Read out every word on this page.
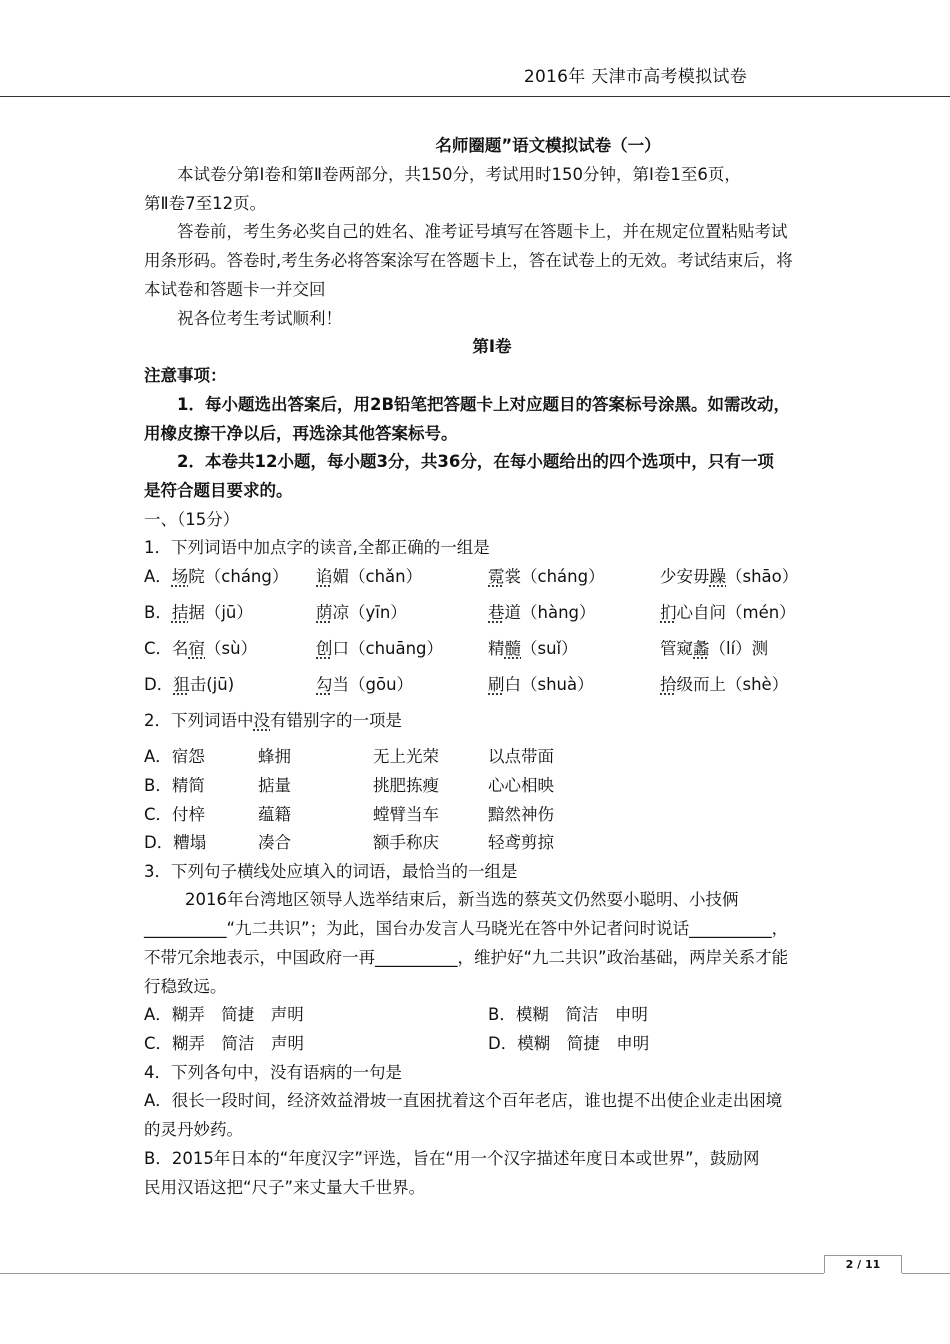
2016年 天津市高考模拟试卷
名师圈题”语文模拟试卷（一）
本试卷分第Ⅰ卷和第Ⅱ卷两部分，共150分，考试用时150分钟，第Ⅰ卷1至6页，
第Ⅱ卷7至12页。
答卷前，考生务必奖自己的姓名、准考证号填写在答题卡上，并在规定位置粘贴考试
用条形码。答卷时,考生务必将答案涂写在答题卡上，答在试卷上的无效。考试结束后，将
本试卷和答题卡一并交回
祝各位考生考试顺利！
第Ⅰ卷
注意事项：
1．每小题选出答案后，用2B铅笔把答题卡上对应题目的答案标号涂黑。如需改动，
用橡皮擦干净以后，再选涂其他答案标号。
2．本卷共12小题，每小题3分，共36分，在每小题给出的四个选项中，只有一项
是符合题目要求的。
一、（15分）
1．下列词语中加点字的读音,全都正确的一组是
A．场院（cháng） 谄媚（chǎn）	霓裳（cháng）	少安毋躁（shāo）
B．拮据（jū）	荫凉（yīn）	巷道（hàng）	扪心自问（mén）
C．名宿（sù）	创口（chuāng）	精髓（suǐ）	管窥蠡（lí）测
D．狙击(jū)	勾当（gōu）	刷白（shuà）	拾级而上（shè）
2．下列词语中没有错别字的一项是
A．宿怨	蜂拥	无上光荣	以点带面
B．精简	掂量	挑肥拣瘦	心心相映
C．付梓	蕴籍	螳臂当车	黯然神伤
D．糟塌	凑合	额手称庆	轻鸢剪掠
3．下列句子横线处应填入的词语，最恰当的一组是
2016年台湾地区领导人选举结束后，新当选的蔡英文仍然耍小聪明、小技俩
__________“九二共识”；为此，国台办发言人马晓光在答中外记者问时说话__________，
不带冗余地表示，中国政府一再__________，维护好“九二共识”政治基础，两岸关系才能
行稳致远。
A．糊弄　简捷　声明	B．模糊　简洁　申明
C．糊弄　简洁　声明	D．模糊　简捷　申明
4．下列各句中，没有语病的一句是
A．很长一段时间，经济效益滑坡一直困扰着这个百年老店，谁也提不出使企业走出困境
的灵丹妙药。
B．2015年日本的“年度汉字”评选，旨在“用一个汉字描述年度日本或世界”，鼓励网
民用汉语这把“尺子”来丈量大千世界。
2 / 11
